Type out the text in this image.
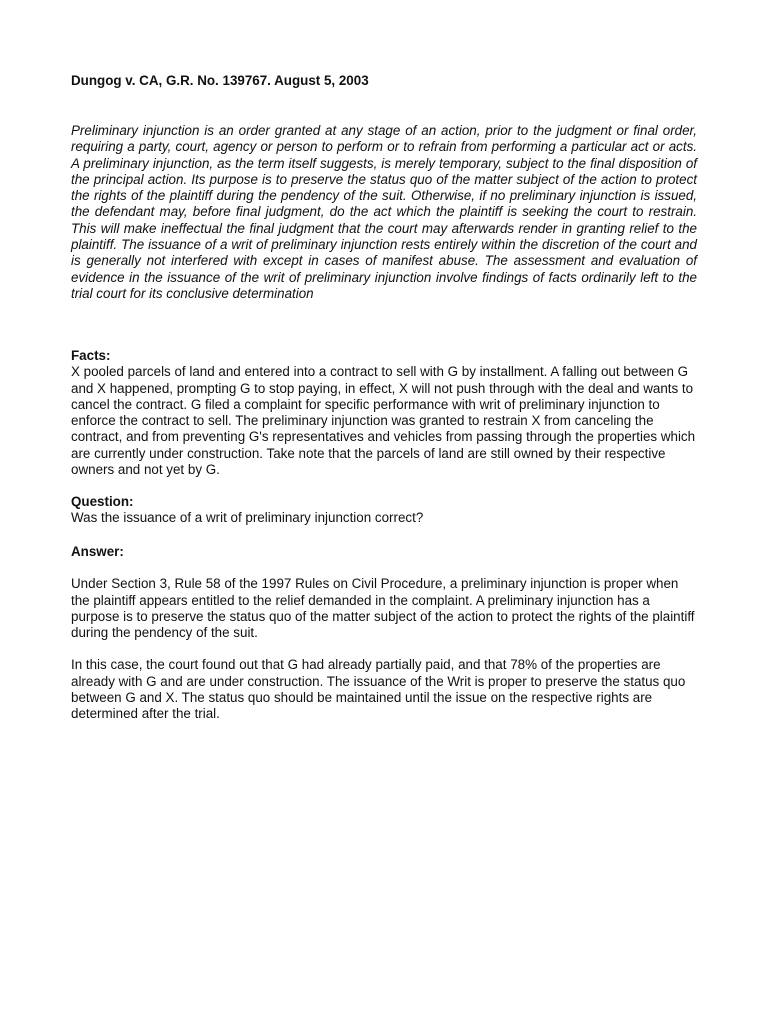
Dungog v. CA, G.R. No. 139767. August 5, 2003

Preliminary injunction is an order granted at any stage of an action, prior to the judgment or final order, requiring a party, court, agency or person to perform or to refrain from performing a particular act or acts. A preliminary injunction, as the term itself suggests, is merely temporary, subject to the final disposition of the principal action. Its purpose is to preserve the status quo of the matter subject of the action to protect the rights of the plaintiff during the pendency of the suit. Otherwise, if no preliminary injunction is issued, the defendant may, before final judgment, do the act which the plaintiff is seeking the court to restrain. This will make ineffectual the final judgment that the court may afterwards render in granting relief to the plaintiff. The issuance of a writ of preliminary injunction rests entirely within the discretion of the court and is generally not interfered with except in cases of manifest abuse. The assessment and evaluation of evidence in the issuance of the writ of preliminary injunction involve findings of facts ordinarily left to the trial court for its conclusive determination

Facts:

X pooled parcels of land and entered into a contract to sell with G by installment. A falling out between G and X happened, prompting G to stop paying, in effect, X will not push through with the deal and wants to cancel the contract. G filed a complaint for specific performance with writ of preliminary injunction to enforce the contract to sell. The preliminary injunction was granted to restrain X from canceling the contract, and from preventing G's representatives and vehicles from passing through the properties which are currently under construction. Take note that the parcels of land are still owned by their respective owners and not yet by G.

Question:

Was the issuance of a writ of preliminary injunction correct?

Answer:

Under Section 3, Rule 58 of the 1997 Rules on Civil Procedure, a preliminary injunction is proper when the plaintiff appears entitled to the relief demanded in the complaint. A preliminary injunction has a purpose is to preserve the status quo of the matter subject of the action to protect the rights of the plaintiff during the pendency of the suit.

In this case, the court found out that G had already partially paid, and that 78% of the properties are already with G and are under construction. The issuance of the Writ is proper to preserve the status quo between G and X. The status quo should be maintained until the issue on the respective rights are determined after the trial.
